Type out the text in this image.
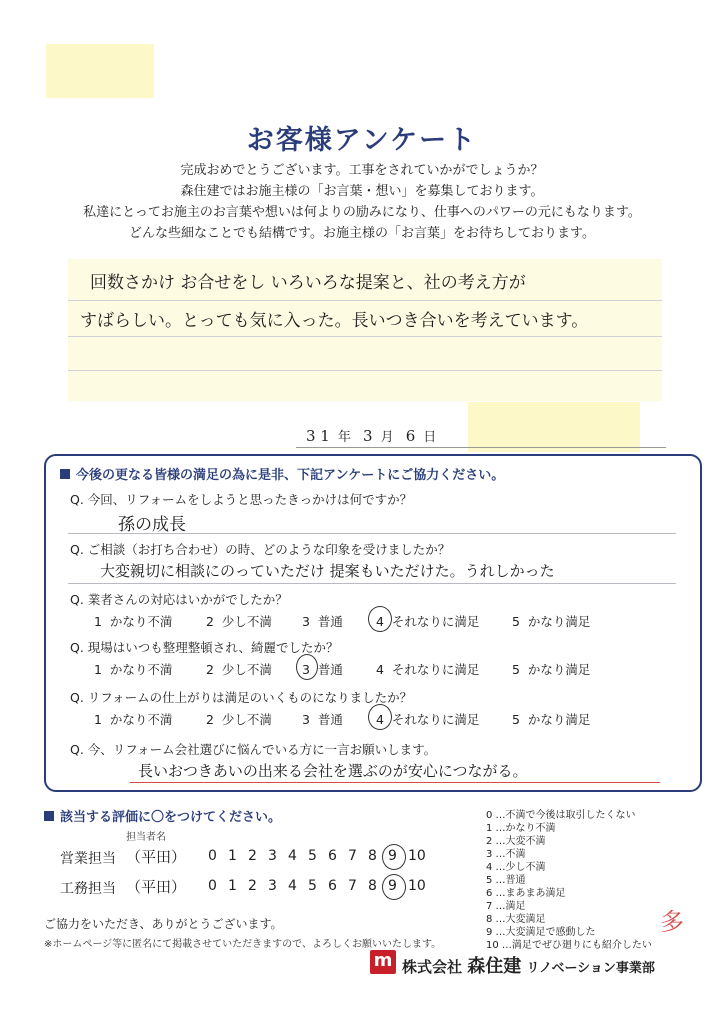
お客様アンケート
完成おめでとうございます。工事をされていかがでしょうか？
森住建ではお施主様の「お言葉・想い」を募集しております。
私達にとってお施主のお言葉や想いは何よりの励みになり、仕事へのパワーの元にもなります。
どんな些細なことでも結構です。お施主様の「お言葉」をお待ちしております。
回数さかけ お合せをし いろいろな提案と、社の考え方が
すばらしい。とっても気に入った。長いつき合いを考えています。
3 1 年 3 月 6 日
今後の更なる皆様の満足の為に是非、下記アンケートにご協力ください。
Q. 今回、リフォームをしようと思ったきっかけは何ですか？
孫の成長
Q. ご相談（お打ち合わせ）の時、どのような印象を受けましたか？
大変親切に相談にのっていただけ 提案もいただけた。うれしかった
Q. 業者さんの対応はいかがでしたか？
1 かなり不満	2 少し不満 3 普通	4 それなりに満足	5 かなり満足
Q. 現場はいつも整理整頓され、綺麗でしたか？
1 かなり不満	2 少し不満 3 普通	4 それなりに満足	5 かなり満足
Q. リフォームの仕上がりは満足のいくものになりましたか？
1 かなり不満	2 少し不満 3 普通	4 それなりに満足	5 かなり満足
Q. 今、リフォーム会社選びに悩んでいる方に一言お願いします。
長いおつきあいの出来る会社を選ぶのが安心につながる。
該当する評価に〇をつけてください。
担当者名
営業担当 （平田）
工務担当 （平田）
0 1 2 3 4 5 6 7 8 9 10
0 1 2 3 4 5 6 7 8 9 10
0 …不満で今後は取引したくない
1 …かなり不満
2 …大変不満
3 …不満
4 …少し不満
5 …普通
6 …まあまあ満足
7 …満足
8 …大変満足
9 …大変満足で感動した
10 …満足でぜひ廻りにも紹介したい
多
ご協力をいただき、ありがとうございます。
※ホームページ等に匿名にて掲載させていただきますので、よろしくお願いいたします。
m 株式会社 森住建 リノベーション事業部
